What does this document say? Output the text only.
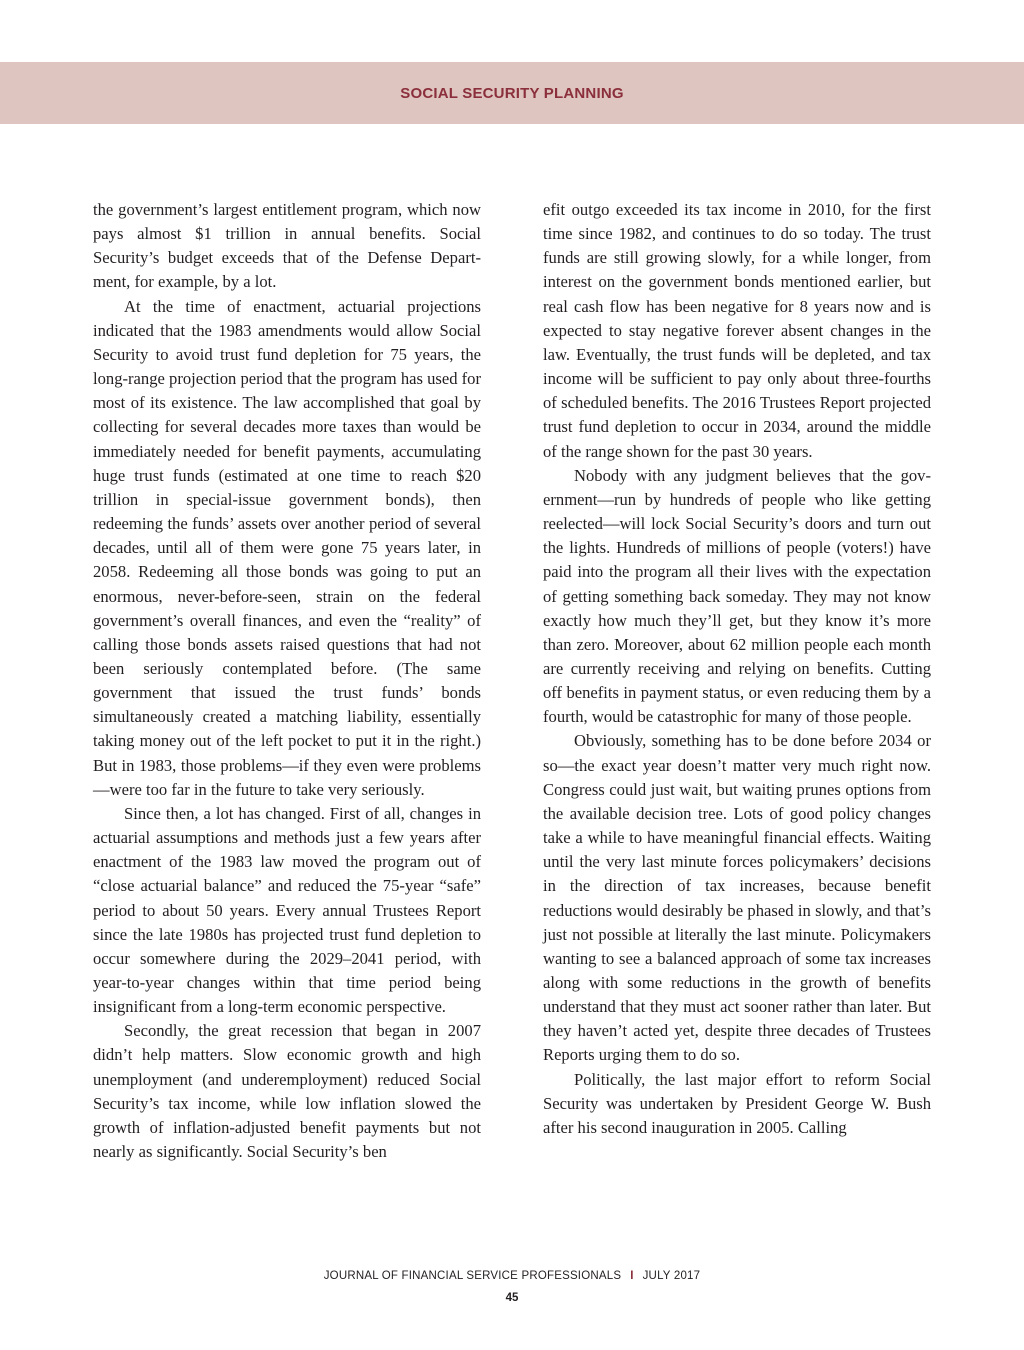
SOCIAL SECURITY PLANNING

the government’s largest entitlement program, which now pays almost $1 trillion in annual benefits. Social Security’s budget exceeds that of the Defense Department, for example, by a lot.

At the time of enactment, actuarial projections indicated that the 1983 amendments would allow Social Security to avoid trust fund depletion for 75 years, the long-range projection period that the program has used for most of its existence. The law accomplished that goal by collecting for several decades more taxes than would be immediately needed for benefit payments, accumulating huge trust funds (estimated at one time to reach $20 trillion in special-issue government bonds), then redeeming the funds’ assets over another period of several decades, until all of them were gone 75 years later, in 2058. Redeeming all those bonds was going to put an enormous, never-before-seen, strain on the federal government’s overall finances, and even the “reality” of calling those bonds assets raised questions that had not been seriously contemplated before. (The same government that issued the trust funds’ bonds simultaneously created a matching liability, essentially taking money out of the left pocket to put it in the right.) But in 1983, those problems—if they even were problems—were too far in the future to take very seriously.

Since then, a lot has changed. First of all, changes in actuarial assumptions and methods just a few years after enactment of the 1983 law moved the program out of “close actuarial balance” and reduced the 75-year “safe” period to about 50 years. Every annual Trustees Report since the late 1980s has projected trust fund depletion to occur somewhere during the 2029–2041 period, with year-to-year changes within that time period being insignificant from a long-term economic perspective.

Secondly, the great recession that began in 2007 didn’t help matters. Slow economic growth and high unemployment (and underemployment) reduced Social Security’s tax income, while low inflation slowed the growth of inflation-adjusted benefit payments but not nearly as significantly. Social Security’s ben

efit outgo exceeded its tax income in 2010, for the first time since 1982, and continues to do so today. The trust funds are still growing slowly, for a while longer, from interest on the government bonds mentioned earlier, but real cash flow has been negative for 8 years now and is expected to stay negative forever absent changes in the law. Eventually, the trust funds will be depleted, and tax income will be sufficient to pay only about three-fourths of scheduled benefits. The 2016 Trustees Report projected trust fund depletion to occur in 2034, around the middle of the range shown for the past 30 years.

Nobody with any judgment believes that the government—run by hundreds of people who like getting reelected—will lock Social Security’s doors and turn out the lights. Hundreds of millions of people (voters!) have paid into the program all their lives with the expectation of getting something back someday. They may not know exactly how much they’ll get, but they know it’s more than zero. Moreover, about 62 million people each month are currently receiving and relying on benefits. Cutting off benefits in payment status, or even reducing them by a fourth, would be catastrophic for many of those people.

Obviously, something has to be done before 2034 or so—the exact year doesn’t matter very much right now. Congress could just wait, but waiting prunes options from the available decision tree. Lots of good policy changes take a while to have meaningful financial effects. Waiting until the very last minute forces policymakers’ decisions in the direction of tax increases, because benefit reductions would desirably be phased in slowly, and that’s just not possible at literally the last minute. Policymakers wanting to see a balanced approach of some tax increases along with some reductions in the growth of benefits understand that they must act sooner rather than later. But they haven’t acted yet, despite three decades of Trustees Reports urging them to do so.

Politically, the last major effort to reform Social Security was undertaken by President George W. Bush after his second inauguration in 2005. Calling

JOURNAL OF FINANCIAL SERVICE PROFESSIONALS I JULY 2017
45
